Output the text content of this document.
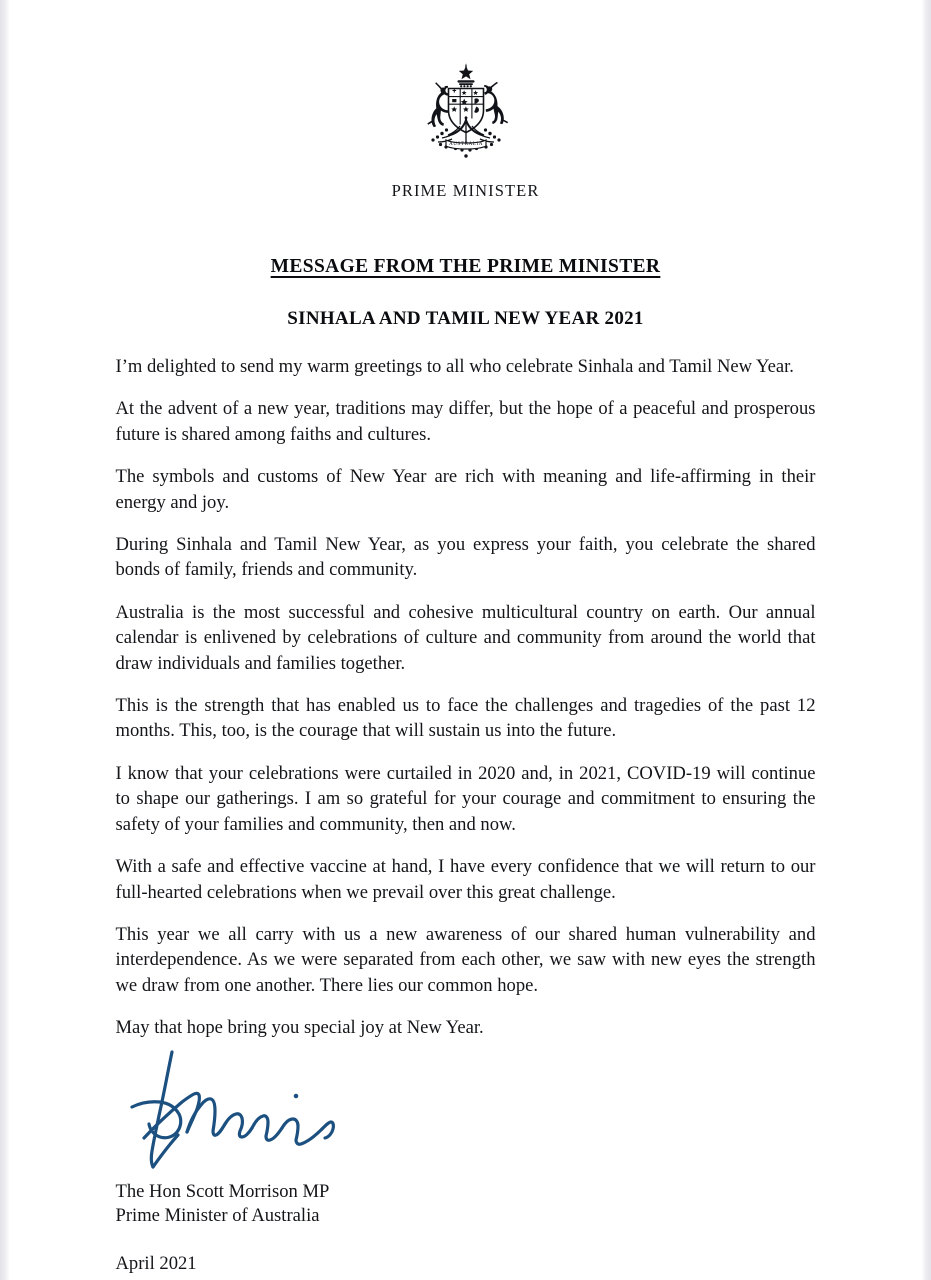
AUSTRALIA
PRIME MINISTER
MESSAGE FROM THE PRIME MINISTER
SINHALA AND TAMIL NEW YEAR 2021

I’m delighted to send my warm greetings to all who celebrate Sinhala and Tamil New Year.

At the advent of a new year, traditions may differ, but the hope of a peaceful and prosperous future is shared among faiths and cultures.

The symbols and customs of New Year are rich with meaning and life-affirming in their energy and joy.

During Sinhala and Tamil New Year, as you express your faith, you celebrate the shared bonds of family, friends and community.

Australia is the most successful and cohesive multicultural country on earth. Our annual calendar is enlivened by celebrations of culture and community from around the world that draw individuals and families together.

This is the strength that has enabled us to face the challenges and tragedies of the past 12 months. This, too, is the courage that will sustain us into the future.

I know that your celebrations were curtailed in 2020 and, in 2021, COVID-19 will continue to shape our gatherings. I am so grateful for your courage and commitment to ensuring the safety of your families and community, then and now.

With a safe and effective vaccine at hand, I have every confidence that we will return to our full-hearted celebrations when we prevail over this great challenge.

This year we all carry with us a new awareness of our shared human vulnerability and interdependence. As we were separated from each other, we saw with new eyes the strength we draw from one another. There lies our common hope.

May that hope bring you special joy at New Year.

The Hon Scott Morrison MP
Prime Minister of Australia
April 2021
